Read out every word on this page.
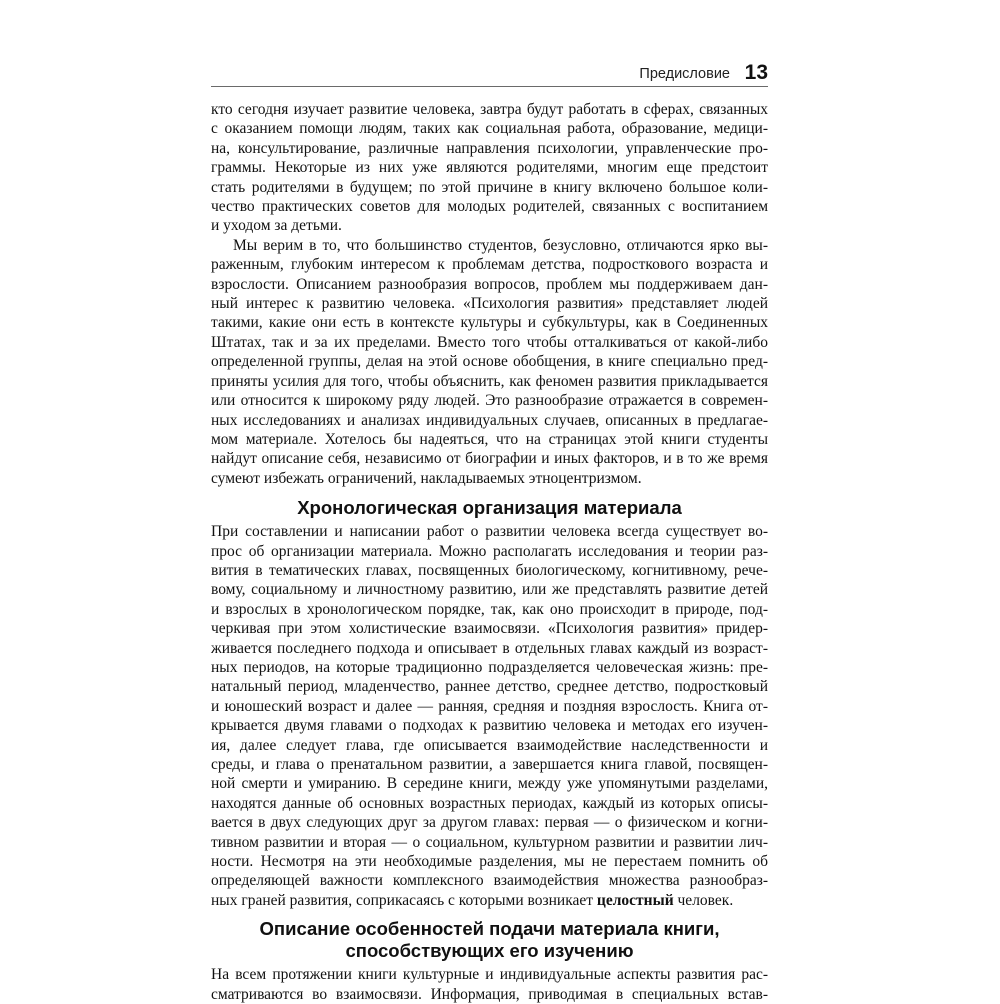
Предисловие 13
кто сегодня изучает развитие человека, завтра будут работать в сферах, связанных
с оказанием помощи людям, таких как социальная работа, образование, медици-
на, консультирование, различные направления психологии, управленческие про-
граммы. Некоторые из них уже являются родителями, многим еще предстоит
стать родителями в будущем; по этой причине в книгу включено большое коли-
чество практических советов для молодых родителей, связанных с воспитанием
и уходом за детьми.
Мы верим в то, что большинство студентов, безусловно, отличаются ярко вы-
раженным, глубоким интересом к проблемам детства, подросткового возраста и
взрослости. Описанием разнообразия вопросов, проблем мы поддерживаем дан-
ный интерес к развитию человека. «Психология развития» представляет людей
такими, какие они есть в контексте культуры и субкультуры, как в Соединенных
Штатах, так и за их пределами. Вместо того чтобы отталкиваться от какой-либо
определенной группы, делая на этой основе обобщения, в книге специально пред-
приняты усилия для того, чтобы объяснить, как феномен развития прикладывается
или относится к широкому ряду людей. Это разнообразие отражается в современ-
ных исследованиях и анализах индивидуальных случаев, описанных в предлагае-
мом материале. Хотелось бы надеяться, что на страницах этой книги студенты
найдут описание себя, независимо от биографии и иных факторов, и в то же время
сумеют избежать ограничений, накладываемых этноцентризмом.
Хронологическая организация материала
При составлении и написании работ о развитии человека всегда существует во-
прос об организации материала. Можно располагать исследования и теории раз-
вития в тематических главах, посвященных биологическому, когнитивному, рече-
вому, социальному и личностному развитию, или же представлять развитие детей
и взрослых в хронологическом порядке, так, как оно происходит в природе, под-
черкивая при этом холистические взаимосвязи. «Психология развития» придер-
живается последнего подхода и описывает в отдельных главах каждый из возраст-
ных периодов, на которые традиционно подразделяется человеческая жизнь: пре-
натальный период, младенчество, раннее детство, среднее детство, подростковый
и юношеский возраст и далее — ранняя, средняя и поздняя взрослость. Книга от-
крывается двумя главами о подходах к развитию человека и методах его изучен-
ия, далее следует глава, где описывается взаимодействие наследственности и
среды, и глава о пренатальном развитии, а завершается книга главой, посвящен-
ной смерти и умиранию. В середине книги, между уже упомянутыми разделами,
находятся данные об основных возрастных периодах, каждый из которых описы-
вается в двух следующих друг за другом главах: первая — о физическом и когни-
тивном развитии и вторая — о социальном, культурном развитии и развитии лич-
ности. Несмотря на эти необходимые разделения, мы не перестаем помнить об
определяющей важности комплексного взаимодействия множества разнообраз-
ных граней развития, соприкасаясь с которыми возникает целостный человек.
Описание особенностей подачи материала книги,
способствующих его изучению
На всем протяжении книги культурные и индивидуальные аспекты развития рас-
сматриваются во взаимосвязи. Информация, приводимая в специальных встав-
